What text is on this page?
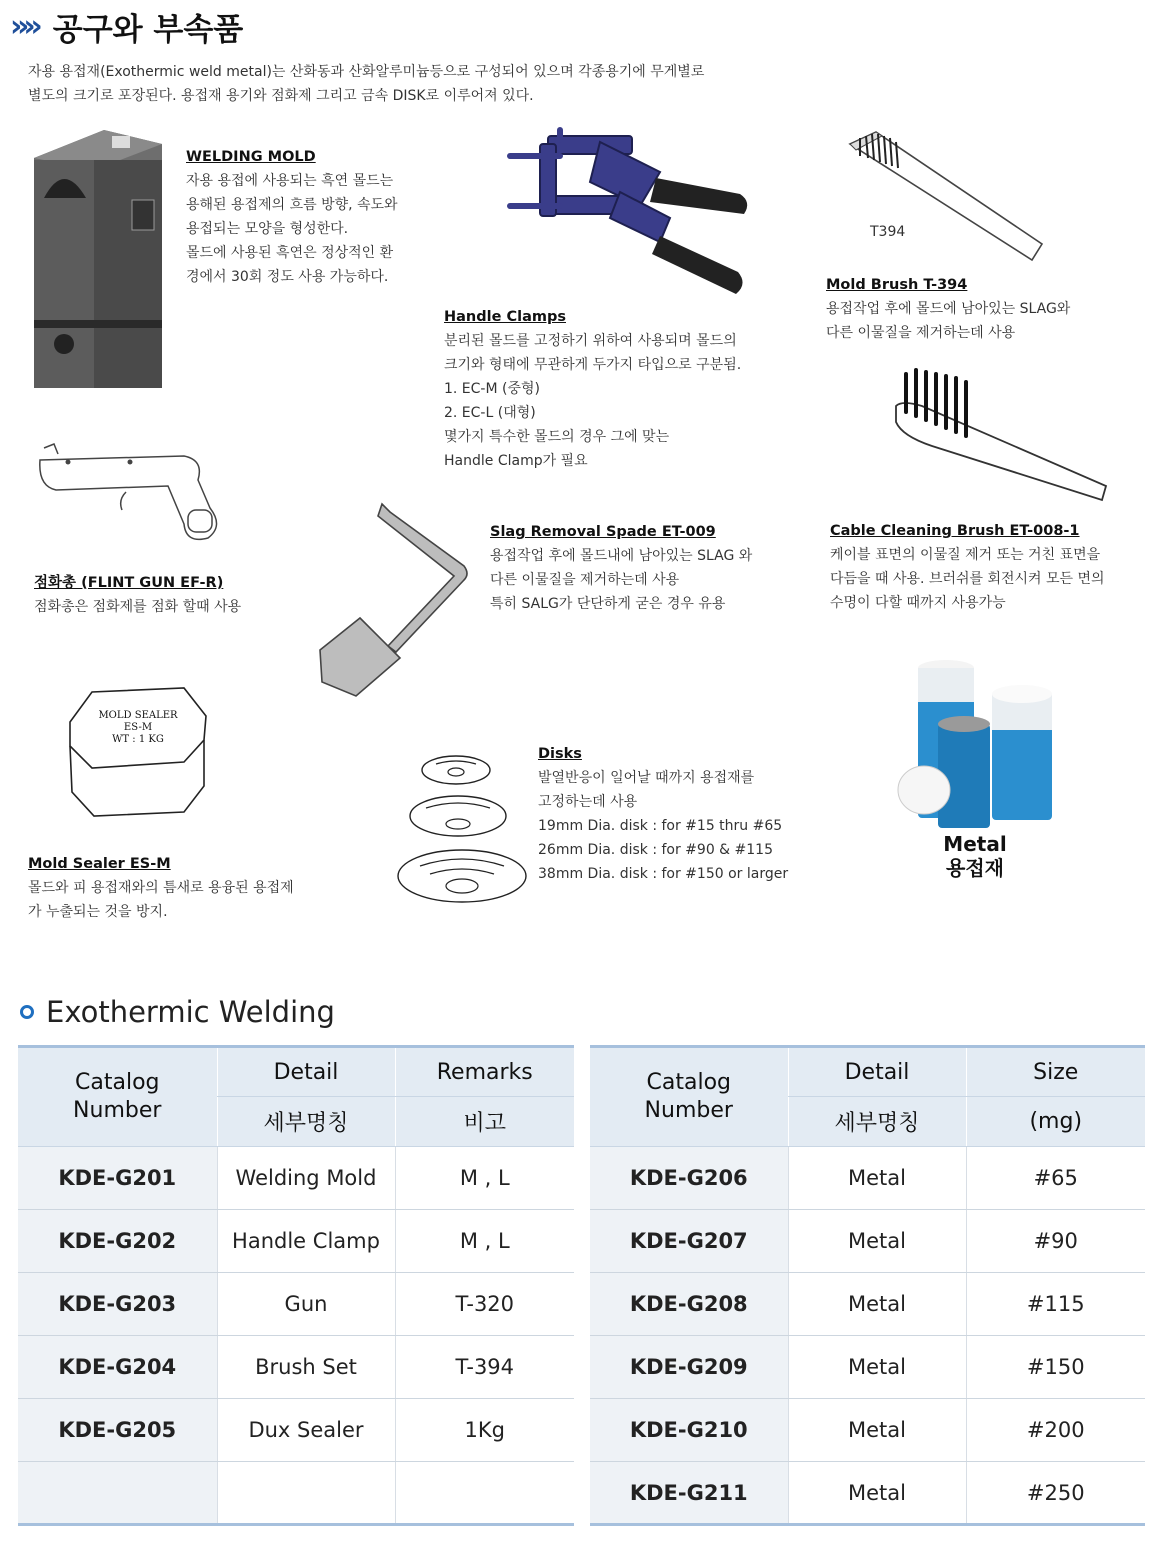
»» 공구와 부속품
자용 용접재(Exothermic weld metal)는 산화동과 산화알루미늄등으로 구성되어 있으며 각종용기에 무게별로
별도의 크기로 포장된다. 용접재 용기와 점화제 그리고 금속 DISK로 이루어져 있다.
WELDING MOLD
자용 용접에 사용되는 흑연 몰드는
용해된 용접제의 흐름 방향, 속도와
용접되는 모양을 형성한다.
몰드에 사용된 흑연은 정상적인 환
경에서 30회 정도 사용 가능하다.
Handle Clamps
분리된 몰드를 고정하기 위하여 사용되며 몰드의
크기와 형태에 무관하게 두가지 타입으로 구분됨.
1. EC-M (중형)
2. EC-L (대형)
몇가지 특수한 몰드의 경우 그에 맞는
Handle Clamp가 필요
T394
Mold Brush T-394
용접작업 후에 몰드에 남아있는 SLAG와
다른 이물질을 제거하는데 사용
Cable Cleaning Brush ET-008-1
케이블 표면의 이물질 제거 또는 거친 표면을
다듬을 때 사용. 브러쉬를 회전시켜 모든 면의
수명이 다할 때까지 사용가능
점화총 (FLINT GUN EF-R)
점화총은 점화제를 점화 할때 사용
Slag Removal Spade ET-009
용접작업 후에 몰드내에 남아있는 SLAG 와
다른 이물질을 제거하는데 사용
특히 SALG가 단단하게 굳은 경우 유용
Metal
용접재
MOLD SEALER
ES-M
WT : 1 KG
Mold Sealer ES-M
몰드와 피 용접재와의 틈새로 용융된 용접제
가 누출되는 것을 방지.
Disks
발열반응이 일어날 때까지 용접재를
고정하는데 사용
19mm Dia. disk : for #15 thru #65
26mm Dia. disk : for #90 & #115
38mm Dia. disk : for #150 or larger
Exothermic Welding
Catalog
Number	Detail	Remarks
	세부명칭	비고
KDE-G201	Welding Mold	M , L
KDE-G202	Handle Clamp	M , L
KDE-G203	Gun	T-320
KDE-G204	Brush Set	T-394
KDE-G205	Dux Sealer	1Kg

Catalog
Number	Detail	Size
	세부명칭	(mg)
KDE-G206	Metal	#65
KDE-G207	Metal	#90
KDE-G208	Metal	#115
KDE-G209	Metal	#150
KDE-G210	Metal	#200
KDE-G211	Metal	#250
